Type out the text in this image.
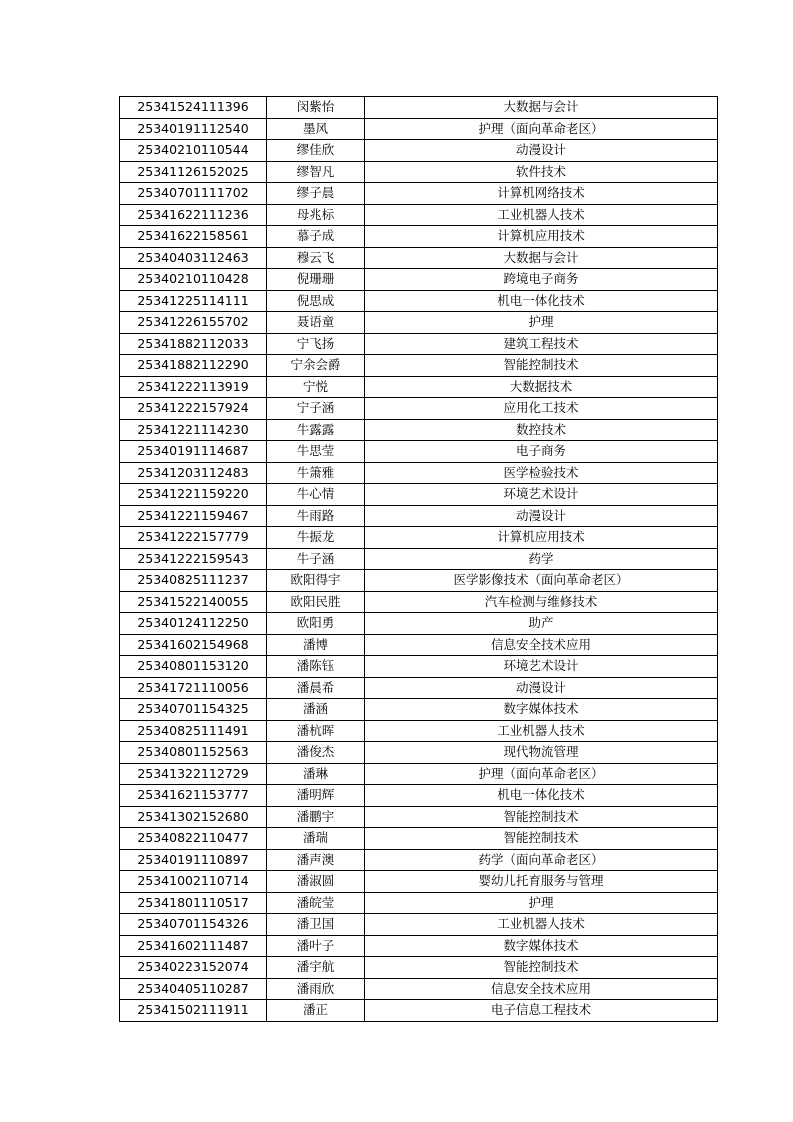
25341524111396	闵紫怡	大数据与会计
25340191112540	墨风	护理（面向革命老区）
25340210110544	缪佳欣	动漫设计
25341126152025	缪智凡	软件技术
25340701111702	缪子晨	计算机网络技术
25341622111236	母兆标	工业机器人技术
25341622158561	慕子成	计算机应用技术
25340403112463	穆云飞	大数据与会计
25340210110428	倪珊珊	跨境电子商务
25341225114111	倪思成	机电一体化技术
25341226155702	聂语童	护理
25341882112033	宁飞扬	建筑工程技术
25341882112290	宁余会爵	智能控制技术
25341222113919	宁悦	大数据技术
25341222157924	宁子涵	应用化工技术
25341221114230	牛露露	数控技术
25340191114687	牛思莹	电子商务
25341203112483	牛箫雅	医学检验技术
25341221159220	牛心情	环境艺术设计
25341221159467	牛雨路	动漫设计
25341222157779	牛振龙	计算机应用技术
25341222159543	牛子涵	药学
25340825111237	欧阳得宇	医学影像技术（面向革命老区）
25341522140055	欧阳民胜	汽车检测与维修技术
25340124112250	欧阳勇	助产
25341602154968	潘博	信息安全技术应用
25340801153120	潘陈钰	环境艺术设计
25341721110056	潘晨希	动漫设计
25340701154325	潘涵	数字媒体技术
25340825111491	潘杭晖	工业机器人技术
25340801152563	潘俊杰	现代物流管理
25341322112729	潘琳	护理（面向革命老区）
25341621153777	潘明辉	机电一体化技术
25341302152680	潘鹏宇	智能控制技术
25340822110477	潘瑞	智能控制技术
25340191110897	潘声澳	药学（面向革命老区）
25341002110714	潘淑圆	婴幼儿托育服务与管理
25341801110517	潘皖莹	护理
25340701154326	潘卫国	工业机器人技术
25341602111487	潘叶子	数字媒体技术
25340223152074	潘宇航	智能控制技术
25340405110287	潘雨欣	信息安全技术应用
25341502111911	潘正	电子信息工程技术
